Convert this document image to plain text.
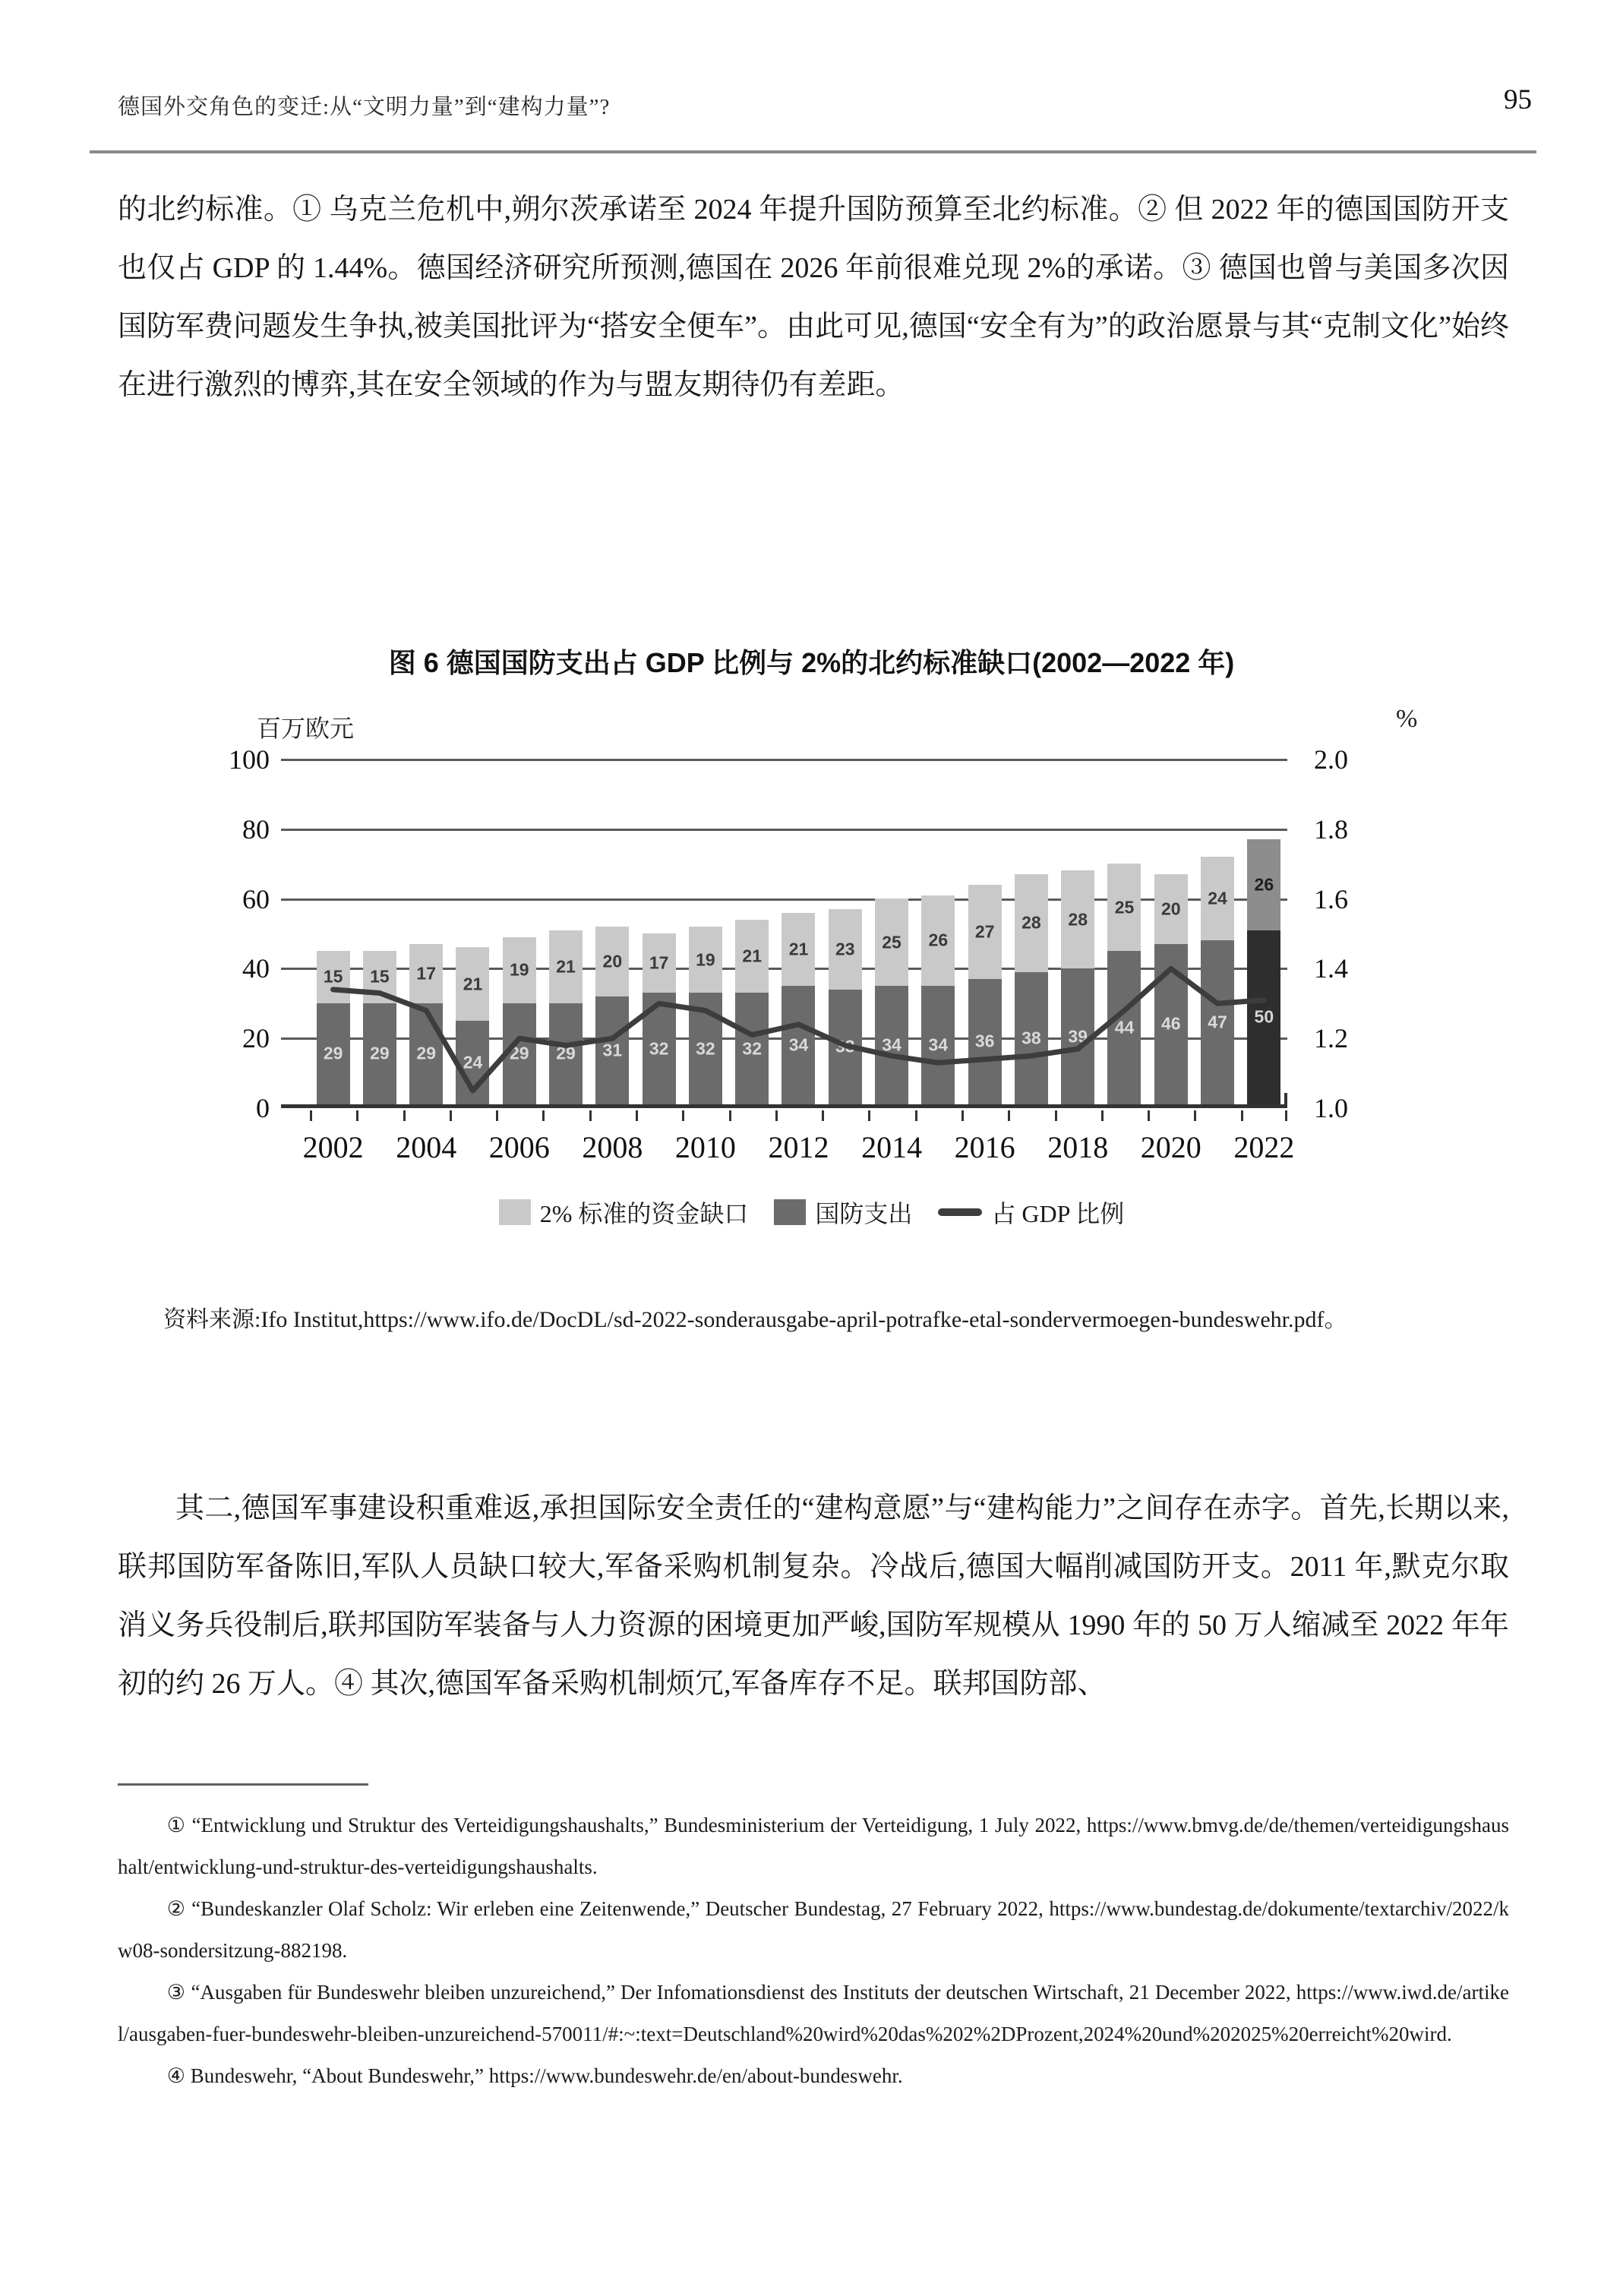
德国外交角色的变迁:从“文明力量”到“建构力量”?	95

的北约标准。① 乌克兰危机中,朔尔茨承诺至 2024 年提升国防预算至北约标准。② 但 2022 年的德国国防开支也仅占 GDP 的 1.44%。德国经济研究所预测,德国在 2026 年前很难兑现 2%的承诺。③ 德国也曾与美国多次因国防军费问题发生争执,被美国批评为“搭安全便车”。由此可见,德国“安全有为”的政治愿景与其“克制文化”始终在进行激烈的博弈,其在安全领域的作为与盟友期待仍有差距。

图 6 德国国防支出占 GDP 比例与 2%的北约标准缺口(2002—2022 年)
百万欧元	%
29
15
29
15
29
17
24
21
29
19
29
21
31
20
32
17
32
19
32
21
34
21
33
23
34
25
34
26
36
27
38
28
39
28
44
25
46
20
47
24
50
26
2% 标准的资金缺口	国防支出	占 GDP 比例
2002 2004 2006 2008 2010 2012 2014 2016 2018 2020 2022
0	1.0
20	1.2
40	1.4
60	1.6
80	1.8
100	2.0

资料来源:Ifo Institut,https://www.ifo.de/DocDL/sd-2022-sonderausgabe-april-potrafke-etal-sondervermoegen-bundeswehr.pdf。

其二,德国军事建设积重难返,承担国际安全责任的“建构意愿”与“建构能力”之间存在赤字。首先,长期以来,联邦国防军备陈旧,军队人员缺口较大,军备采购机制复杂。冷战后,德国大幅削减国防开支。2011 年,默克尔取消义务兵役制后,联邦国防军装备与人力资源的困境更加严峻,国防军规模从 1990 年的 50 万人缩减至 2022 年年初的约 26 万人。④ 其次,德国军备采购机制烦冗,军备库存不足。联邦国防部、

① “Entwicklung und Struktur des Verteidigungshaushalts,” Bundesministerium der Verteidigung, 1 July 2022, https://www.bmvg.de/de/themen/verteidigungshaushalt/entwicklung-und-struktur-des-verteidigungshaushalts.

② “Bundeskanzler Olaf Scholz: Wir erleben eine Zeitenwende,” Deutscher Bundestag, 27 February 2022, https://www.bundestag.de/dokumente/textarchiv/2022/kw08-sondersitzung-882198.

③ “Ausgaben für Bundeswehr bleiben unzureichend,” Der Infomationsdienst des Instituts der deutschen Wirtschaft, 21 December 2022, https://www.iwd.de/artikel/ausgaben-fuer-bundeswehr-bleiben-unzureichend-570011/#:~:text=Deutschland%20wird%20das%202%2DProzent,2024%20und%202025%20erreicht%20wird.

④ Bundeswehr, “About Bundeswehr,” https://www.bundeswehr.de/en/about-bundeswehr.
